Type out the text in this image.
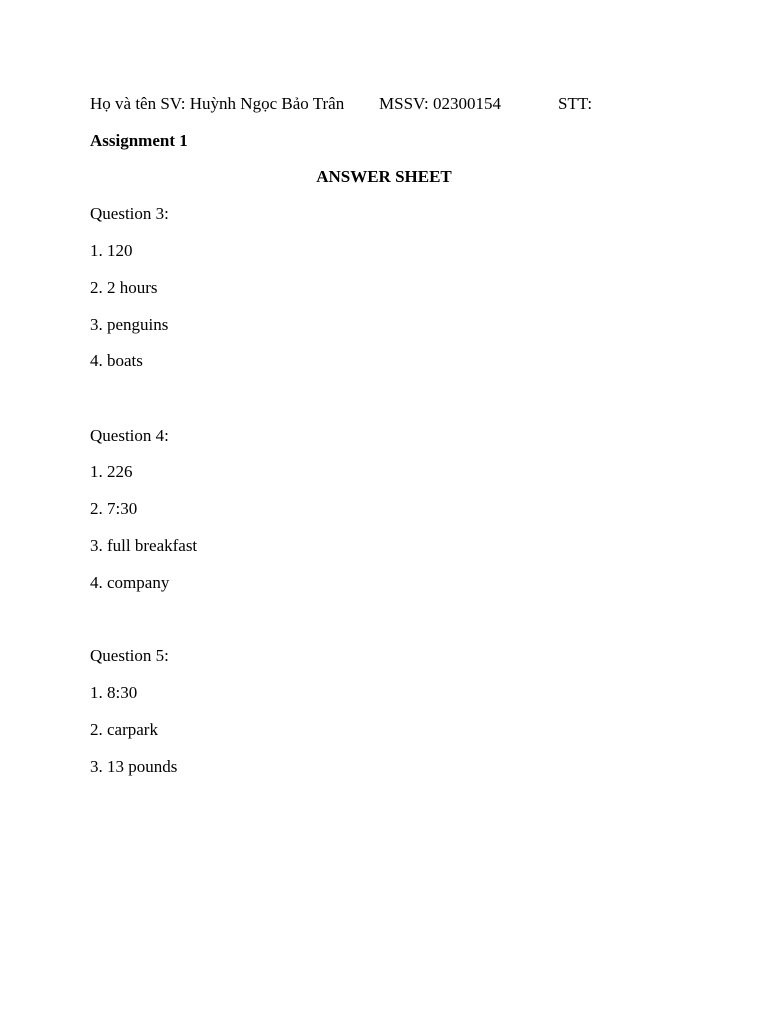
Họ và tên SV: Huỳnh Ngọc Bảo Trân MSSV: 02300154	STT:
Assignment 1
ANSWER SHEET
Question 3:
1. 120
2. 2 hours
3. penguins
4. boats
Question 4:
1. 226
2. 7:30
3. full breakfast
4. company
Question 5:
1. 8:30
2. carpark
3. 13 pounds
